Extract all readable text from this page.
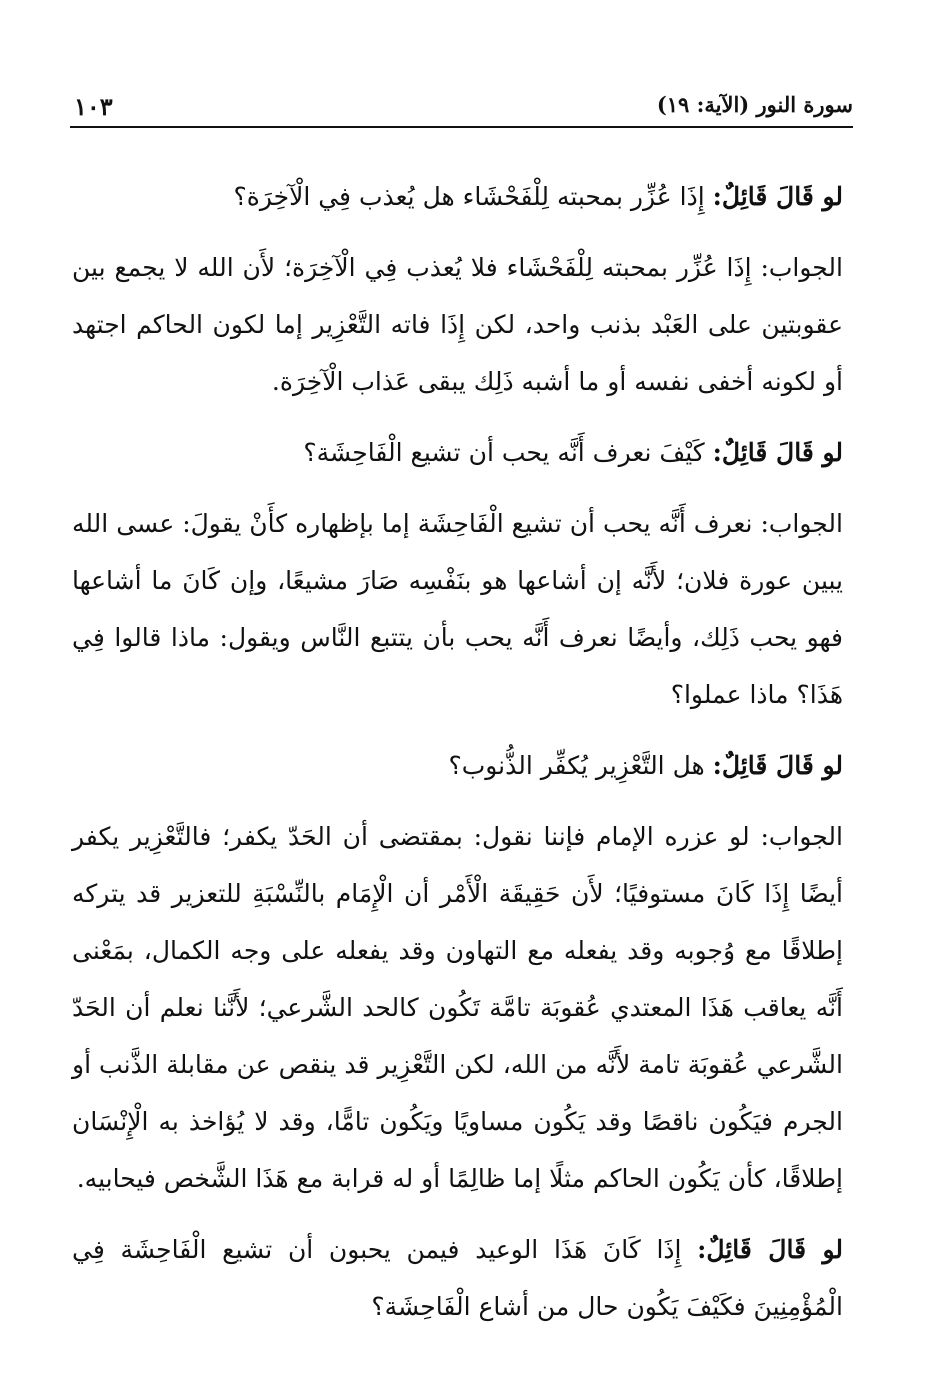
١٠٣	سورة النور (الآية: ١٩)

لو قَالَ قَائِلٌ: إِذَا عُزِّر بمحبته لِلْفَحْشَاء هل يُعذب فِي الْآخِرَة؟

الجواب: إِذَا عُزِّر بمحبته لِلْفَحْشَاء فلا يُعذب فِي الْآخِرَة؛ لأَن الله لا يجمع بين عقوبتين على العَبْد بذنب واحد، لكن إِذَا فاته التَّعْزِير إما لكون الحاكم اجتهد أو لكونه أخفى نفسه أو ما أشبه ذَلِك يبقى عَذاب الْآخِرَة.

لو قَالَ قَائِلٌ: كَيْفَ نعرف أَنَّه يحب أن تشيع الْفَاحِشَة؟

الجواب: نعرف أَنَّه يحب أن تشيع الْفَاحِشَة إما بإظهاره كأَنْ يقولَ: عسى الله يبين عورة فلان؛ لأَنَّه إن أشاعها هو بنَفْسِه صَارَ مشيعًا، وإن كَانَ ما أشاعها فهو يحب ذَلِك، وأيضًا نعرف أَنَّه يحب بأن يتتبع النَّاس ويقول: ماذا قالوا فِي هَذَا؟ ماذا عملوا؟

لو قَالَ قَائِلٌ: هل التَّعْزِير يُكفِّر الذُّنوب؟

الجواب: لو عزره الإمام فإننا نقول: بمقتضى أن الحَدّ يكفر؛ فالتَّعْزِير يكفر أيضًا إِذَا كَانَ مستوفيًا؛ لأَن حَقِيقَة الْأَمْر أن الْإِمَام بالنِّسْبَةِ للتعزير قد يتركه إطلاقًا مع وُجوبه وقد يفعله مع التهاون وقد يفعله على وجه الكمال، بمَعْنى أَنَّه يعاقب هَذَا المعتدي عُقوبَة تامَّة تَكُون كالحد الشَّرعي؛ لأَنَّنا نعلم أن الحَدّ الشَّرعي عُقوبَة تامة لأَنَّه من الله، لكن التَّعْزِير قد ينقص عن مقابلة الذَّنب أو الجرم فيَكُون ناقصًا وقد يَكُون مساويًا ويَكُون تامًّا، وقد لا يُؤاخذ به الْإِنْسَان إطلاقًا، كأن يَكُون الحاكم مثلًا إما ظالِمًا أو له قرابة مع هَذَا الشَّخص فيحابيه.

لو قَالَ قَائِلٌ: إِذَا كَانَ هَذَا الوعيد فيمن يحبون أن تشيع الْفَاحِشَة فِي الْمُؤْمِنِينَ فكَيْفَ يَكُون حال من أشاع الْفَاحِشَة؟
